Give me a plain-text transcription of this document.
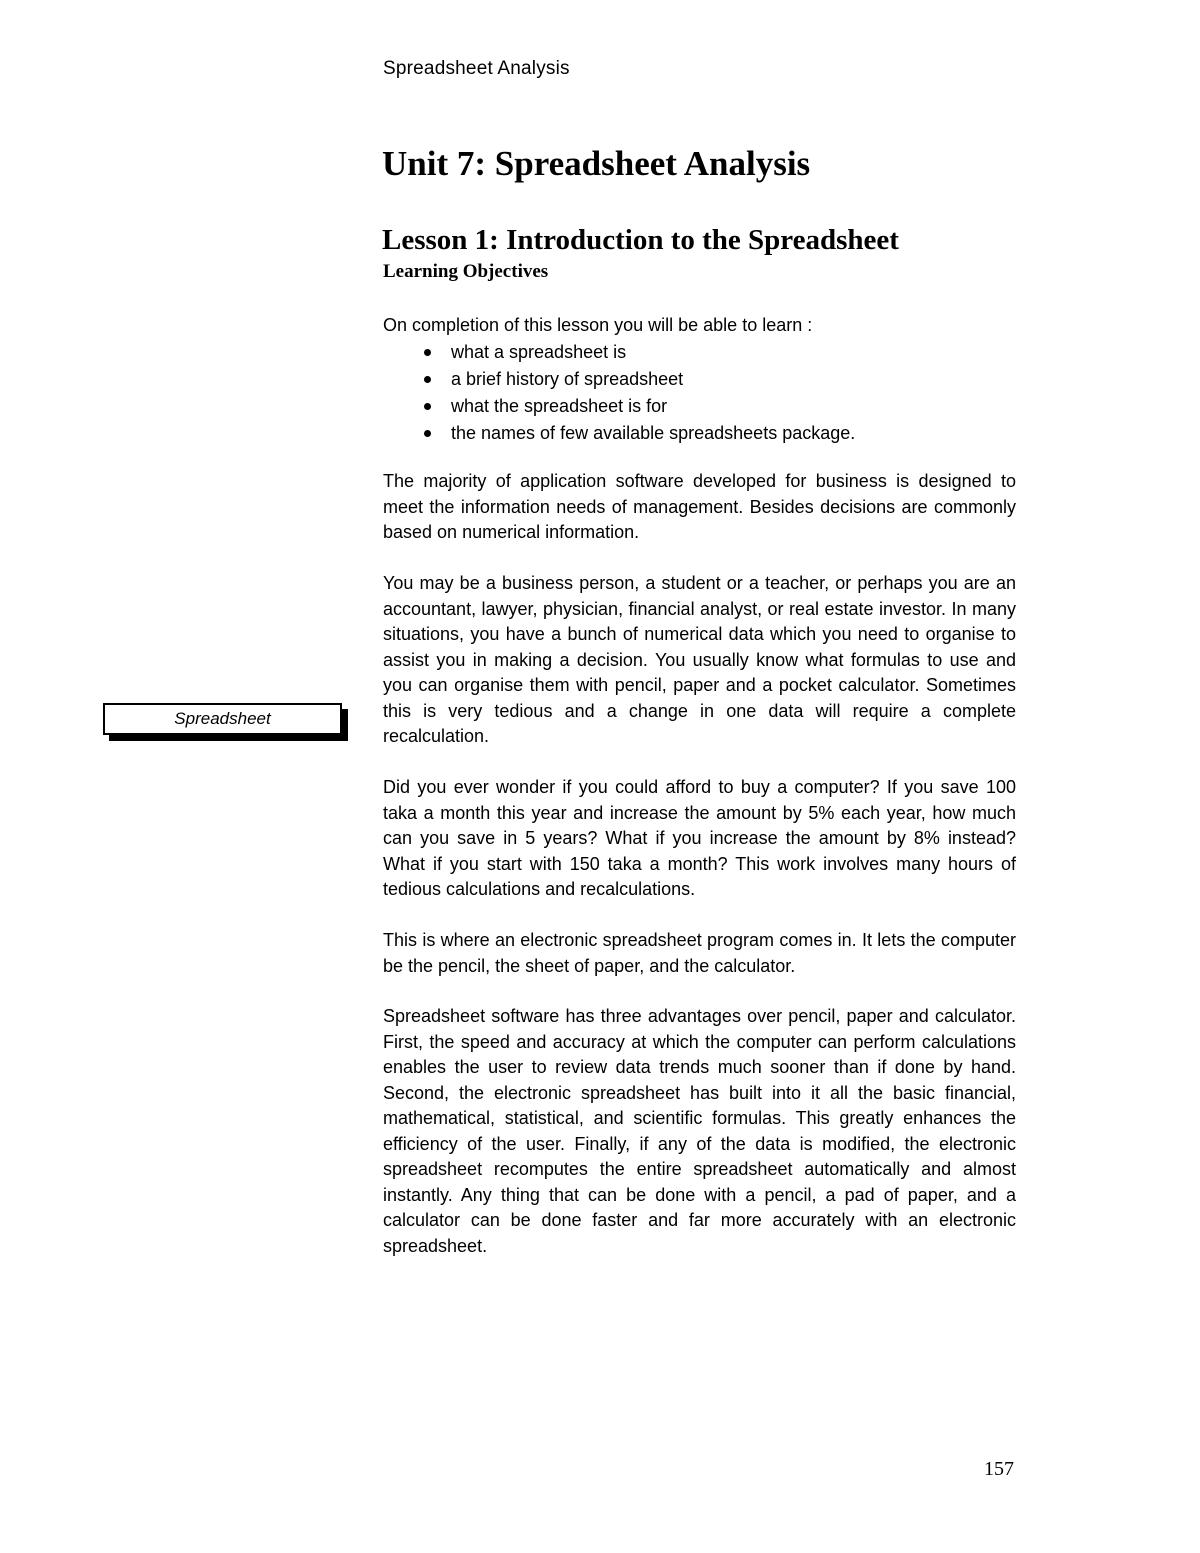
Spreadsheet Analysis
Unit 7: Spreadsheet Analysis
Lesson 1: Introduction to the Spreadsheet
Learning Objectives

On completion of this lesson you will be able to learn :

what a spreadsheet is
a brief history of spreadsheet
what the spreadsheet is for
the names of few available spreadsheets package.

The majority of application software developed for business is designed to meet the information needs of management. Besides decisions are commonly based on numerical information.

You may be a business person, a student or a teacher, or perhaps you are an accountant, lawyer, physician, financial analyst, or real estate investor. In many situations, you have a bunch of numerical data which you need to organise to assist you in making a decision. You usually know what formulas to use and you can organise them with pencil, paper and a pocket calculator. Sometimes this is very tedious and a change in one data will require a complete recalculation.

Did you ever wonder if you could afford to buy a computer? If you save 100 taka a month this year and increase the amount by 5% each year, how much can you save in 5 years? What if you increase the amount by 8% instead? What if you start with 150 taka a month? This work involves many hours of tedious calculations and recalculations.

This is where an electronic spreadsheet program comes in. It lets the computer be the pencil, the sheet of paper, and the calculator.

Spreadsheet software has three advantages over pencil, paper and calculator. First, the speed and accuracy at which the computer can perform calculations enables the user to review data trends much sooner than if done by hand. Second, the electronic spreadsheet has built into it all the basic financial, mathematical, statistical, and scientific formulas. This greatly enhances the efficiency of the user. Finally, if any of the data is modified, the electronic spreadsheet recomputes the entire spreadsheet automatically and almost instantly. Any thing that can be done with a pencil, a pad of paper, and a calculator can be done faster and far more accurately with an electronic spreadsheet.

Spreadsheet
157
